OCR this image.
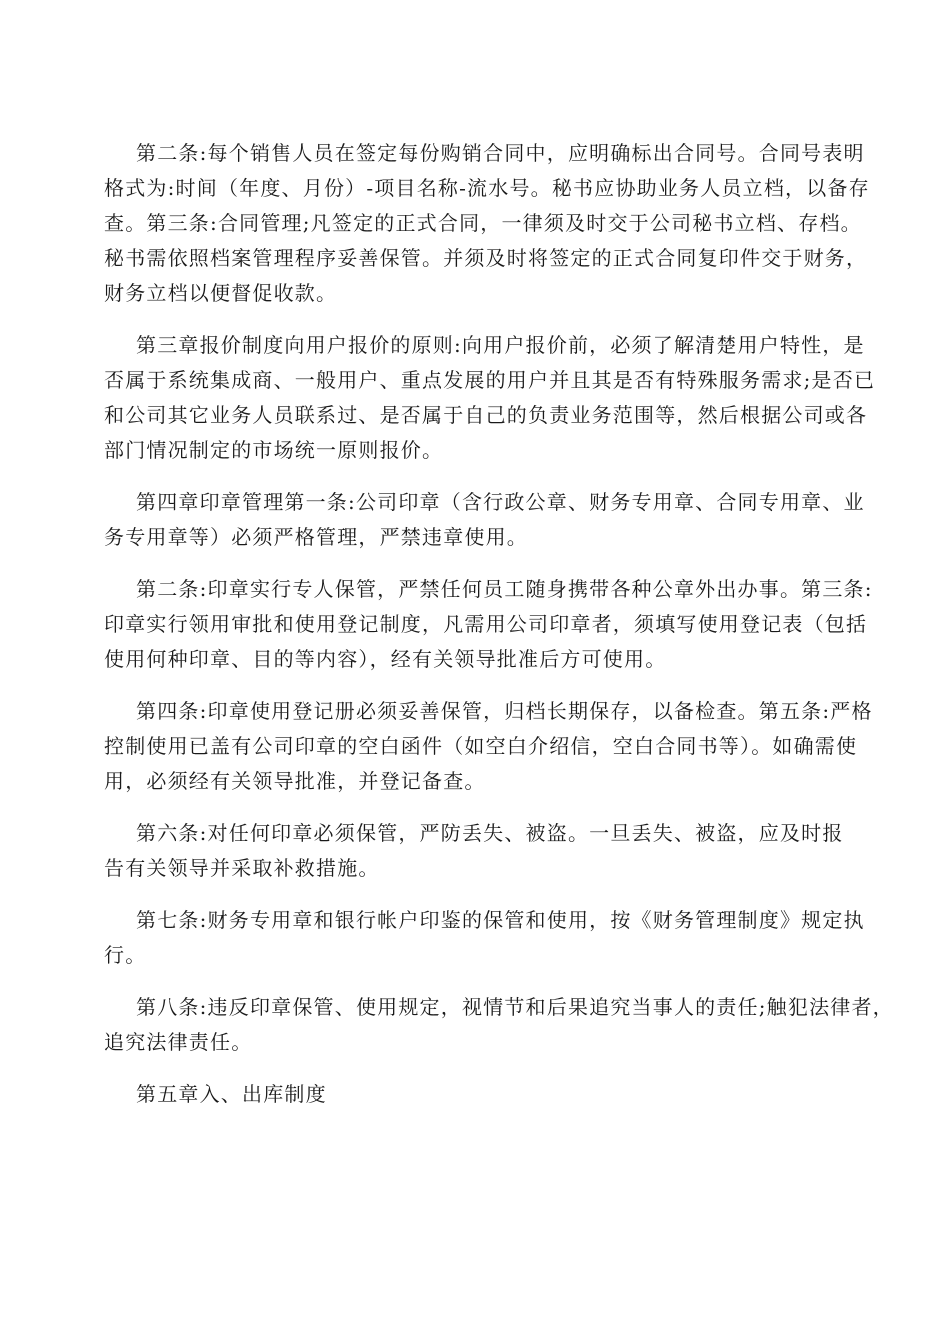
第二条:每个销售人员在签定每份购销合同中，应明确标出合同号。合同号表明
格式为:时间（年度、月份）-项目名称-流水号。秘书应协助业务人员立档，以备存
查。第三条:合同管理;凡签定的正式合同，一律须及时交于公司秘书立档、存档。
秘书需依照档案管理程序妥善保管。并须及时将签定的正式合同复印件交于财务，
财务立档以便督促收款。
第三章报价制度向用户报价的原则:向用户报价前，必须了解清楚用户特性，是
否属于系统集成商、一般用户、重点发展的用户并且其是否有特殊服务需求;是否已
和公司其它业务人员联系过、是否属于自己的负责业务范围等，然后根据公司或各
部门情况制定的市场统一原则报价。
第四章印章管理第一条:公司印章（含行政公章、财务专用章、合同专用章、业
务专用章等）必须严格管理，严禁违章使用。
第二条:印章实行专人保管，严禁任何员工随身携带各种公章外出办事。第三条:
印章实行领用审批和使用登记制度，凡需用公司印章者，须填写使用登记表（包括
使用何种印章、目的等内容），经有关领导批准后方可使用。
第四条:印章使用登记册必须妥善保管，归档长期保存，以备检查。第五条:严格
控制使用已盖有公司印章的空白函件（如空白介绍信，空白合同书等）。如确需使
用，必须经有关领导批准，并登记备查。
第六条:对任何印章必须保管，严防丢失、被盗。一旦丢失、被盗，应及时报
告有关领导并采取补救措施。
第七条:财务专用章和银行帐户印鉴的保管和使用，按《财务管理制度》规定执
行。
第八条:违反印章保管、使用规定，视情节和后果追究当事人的责任;触犯法律者，
追究法律责任。
第五章入、出库制度
